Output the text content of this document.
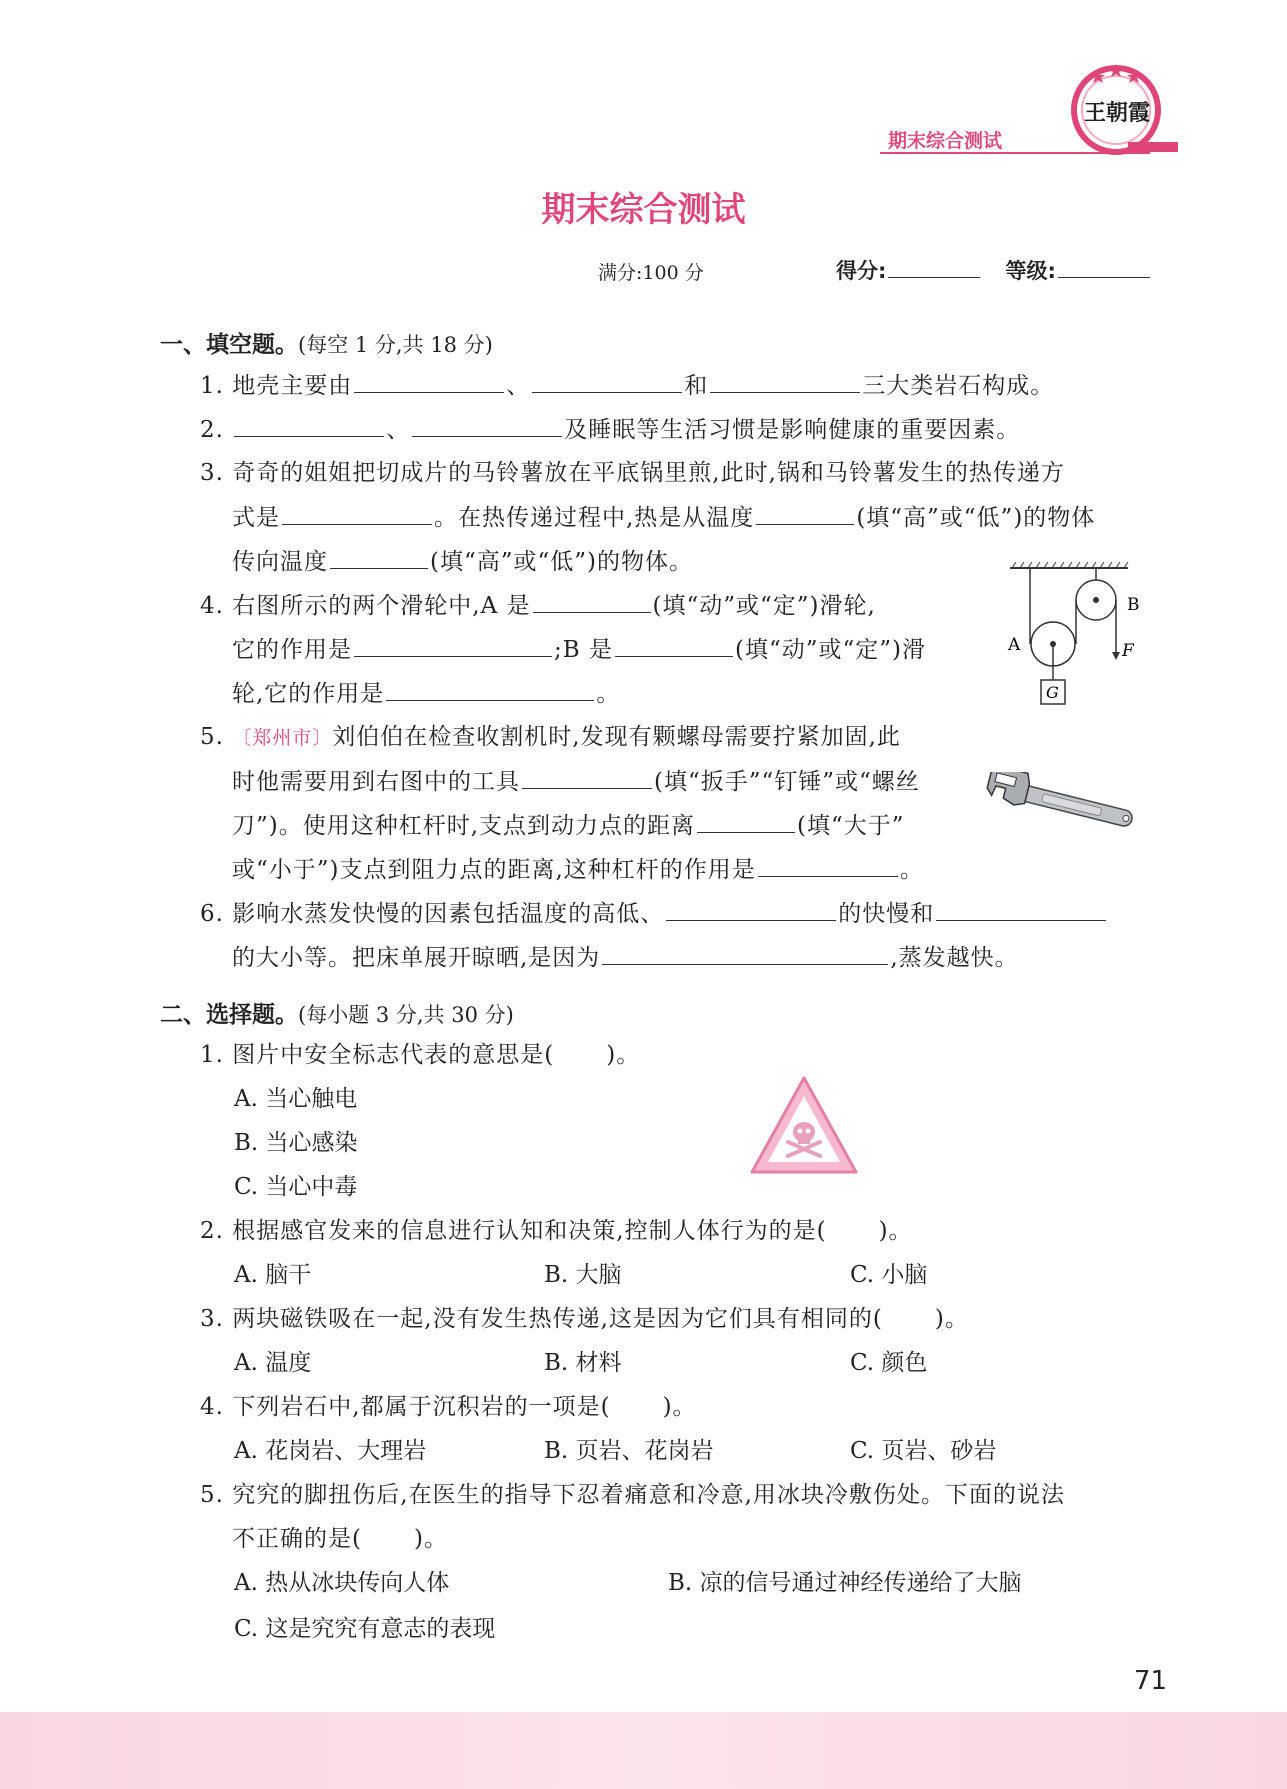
王朝霞
期末综合测试
期末综合测试
满分:100 分	得分:	等级:
一、填空题。(每空 1 分,共 18 分)
1. 地壳主要由	、	和	三大类岩石构成。
2.	、	及睡眠等生活习惯是影响健康的重要因素。
3. 奇奇的姐姐把切成片的马铃薯放在平底锅里煎,此时,锅和马铃薯发生的热传递方
式是	。在热传递过程中,热是从温度	(填“高”或“低”)的物体
传向温度	(填“高”或“低”)的物体。
4. 右图所示的两个滑轮中,A 是	(填“动”或“定”)滑轮,
它的作用是	;B 是	(填“动”或“定”)滑
轮,它的作用是	。
B
A	F
G
5. 〔郑州市〕刘伯伯在检查收割机时,发现有颗螺母需要拧紧加固,此
时他需要用到右图中的工具	(填“扳手”“钉锤”或“螺丝
刀”)。使用这种杠杆时,支点到动力点的距离	(填“大于”
或“小于”)支点到阻力点的距离,这种杠杆的作用是	。
6. 影响水蒸发快慢的因素包括温度的高低、	的快慢和
的大小等。把床单展开晾晒,是因为	,蒸发越快。
二、选择题。(每小题 3 分,共 30 分)
1. 图片中安全标志代表的意思是( )。
A. 当心触电
B. 当心感染
C. 当心中毒
2. 根据感官发来的信息进行认知和决策,控制人体行为的是( )。
A. 脑干	B. 大脑	C. 小脑
3. 两块磁铁吸在一起,没有发生热传递,这是因为它们具有相同的( )。
A. 温度	B. 材料	C. 颜色
4. 下列岩石中,都属于沉积岩的一项是( )。
A. 花岗岩、大理岩	B. 页岩、花岗岩	C. 页岩、砂岩
5. 究究的脚扭伤后,在医生的指导下忍着痛意和冷意,用冰块冷敷伤处。下面的说法
不正确的是( )。
A. 热从冰块传向人体	B. 凉的信号通过神经传递给了大脑
C. 这是究究有意志的表现
71
